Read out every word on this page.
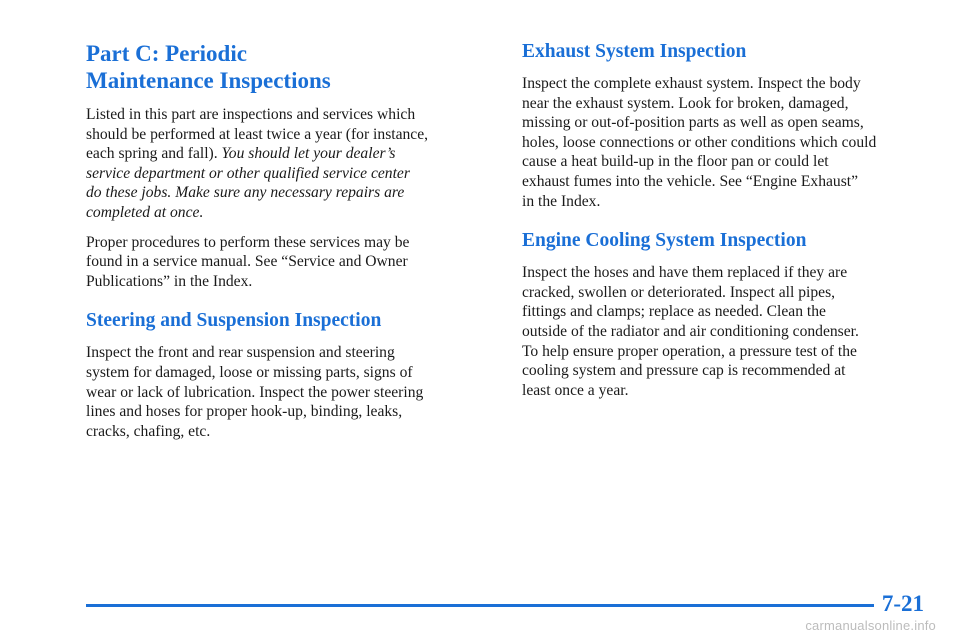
Part C: Periodic
Maintenance Inspections

Listed in this part are inspections and services which
should be performed at least twice a year (for instance,
each spring and fall). You should let your dealer’s
service department or other qualified service center
do these jobs. Make sure any necessary repairs are
completed at once.

Proper procedures to perform these services may be
found in a service manual. See “Service and Owner
Publications” in the Index.

Steering and Suspension Inspection

Inspect the front and rear suspension and steering
system for damaged, loose or missing parts, signs of
wear or lack of lubrication. Inspect the power steering
lines and hoses for proper hook-up, binding, leaks,
cracks, chafing, etc.

Exhaust System Inspection

Inspect the complete exhaust system. Inspect the body
near the exhaust system. Look for broken, damaged,
missing or out-of-position parts as well as open seams,
holes, loose connections or other conditions which could
cause a heat build-up in the floor pan or could let
exhaust fumes into the vehicle. See “Engine Exhaust”
in the Index.

Engine Cooling System Inspection

Inspect the hoses and have them replaced if they are
cracked, swollen or deteriorated. Inspect all pipes,
fittings and clamps; replace as needed. Clean the
outside of the radiator and air conditioning condenser.
To help ensure proper operation, a pressure test of the
cooling system and pressure cap is recommended at
least once a year.

7-21
carmanualsonline.info
